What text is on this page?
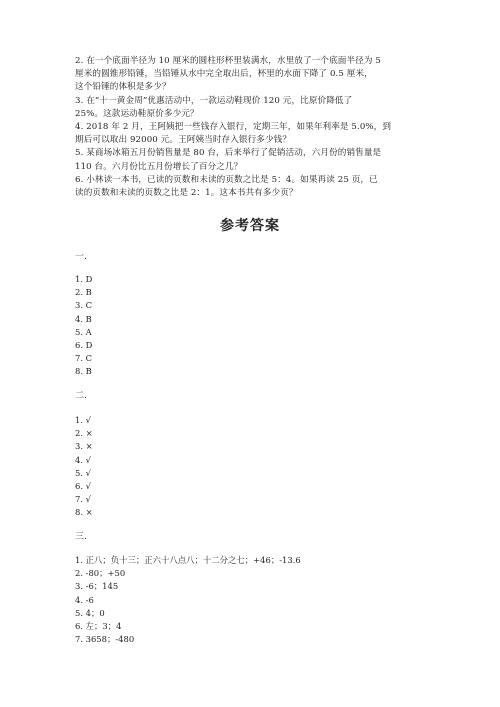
2. 在一个底面半径为 10 厘米的圆柱形杯里装满水，水里放了一个底面半径为 5

厘米的圆锥形铅锤，当铅锤从水中完全取出后，杯里的水面下降了 0.5 厘米，

这个铅锤的体积是多少？

3. 在“十一黄金周”优惠活动中，一款运动鞋现价 120 元，比原价降低了

25%。这款运动鞋原价多少元？

4. 2018 年 2 月，王阿姨把一些钱存入银行，定期三年，如果年利率是 5.0%，到

期后可以取出 92000 元。王阿姨当时存入银行多少钱？

5. 某商场冰箱五月份销售量是 80 台，后来举行了促销活动，六月份的销售量是

110 台。六月份比五月份增长了百分之几？

6. 小林读一本书，已读的页数和未读的页数之比是 5：4。如果再读 25 页，已

读的页数和未读的页数之比是 2：1。这本书共有多少页？

参考答案
一.
1. D
2. B
3. C
4. B
5. A
6. D
7. C
8. B
二.
1. √
2. ×
3. ×
4. √
5. √
6. √
7. √
8. ×
三.
1. 正八；负十三；正六十八点八；十二分之七；+46；-13.6
2. -80；+50
3. -6；145
4. -6
5. 4；0
6. 左；3；4
7. 3658；-480
